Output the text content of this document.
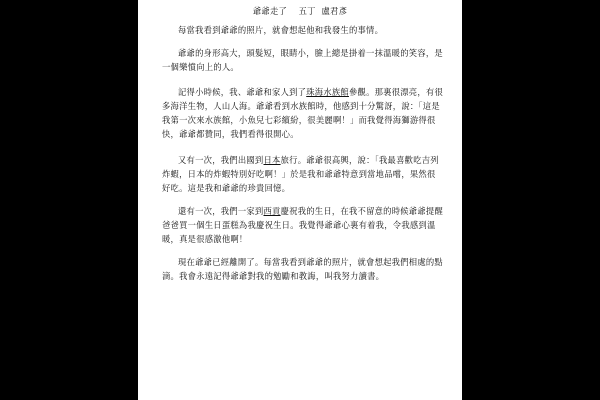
爺爺走了    五丁  盧君彥

每當我看到爺爺的照片，就會想起他和我發生的事情。

爺爺的身形高大，頭髮短，眼睛小，臉上總是掛着一抹溫暖的笑容，是一個樂憤向上的人。

記得小時候，我、爺爺和家人到了珠海水族館參觀。那裏很漂亮，有很多海洋生物，人山人海。爺爺看到水族館時，他感到十分驚訝，說：「這是我第一次來水族館，小魚兒七彩繽紛，很美麗啊！」而我覺得海獅游得很快，爺爺都贊同，我們看得很開心。

又有一次，我們出國到日本旅行。爺爺很高興，說：「我最喜歡吃吉列炸蝦，日本的炸蝦特別好吃啊！」於是我和爺爺特意到當地品嚐，果然很好吃。這是我和爺爺的珍貴回憶。

還有一次，我們一家到西貢慶祝我的生日，在我不留意的時候爺爺提醒爸爸買一個生日蛋糕為我慶祝生日。我覺得爺爺心裏有着我，令我感到溫暖，真是很感激他啊！

現在爺爺已經離開了。每當我看到爺爺的照片，就會想起我們相處的點滴。我會永遠記得爺爺對我的勉勵和教誨，叫我努力讀書。
